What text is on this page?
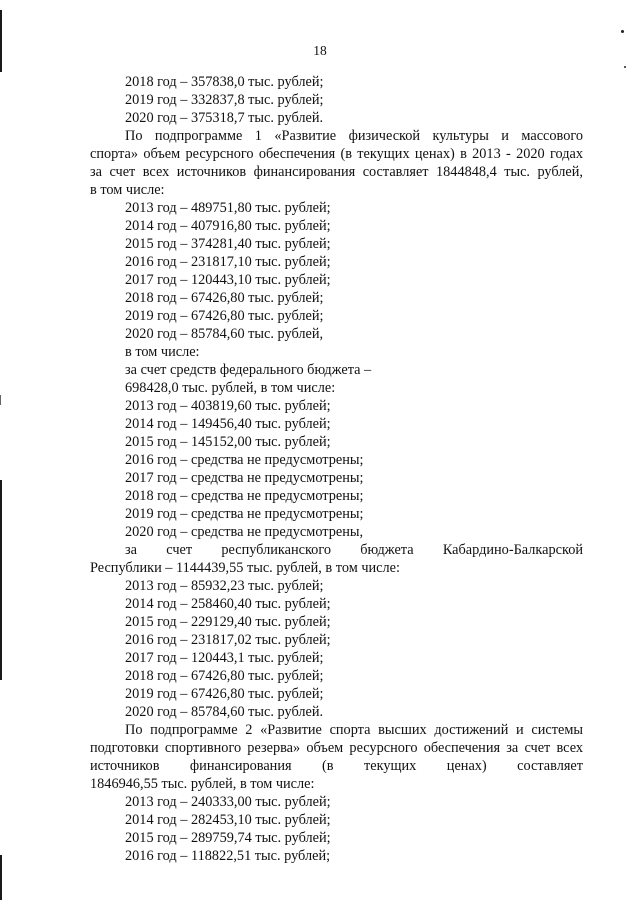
18
2018 год – 357838,0 тыс. рублей;
2019 год – 332837,8 тыс. рублей;
2020 год – 375318,7 тыс. рублей.
По подпрограмме 1 «Развитие физической культуры и массового
спорта» объем ресурсного обеспечения (в текущих ценах) в 2013 - 2020 годах
за счет всех источников финансирования составляет 1844848,4 тыс. рублей,
в том числе:
2013 год – 489751,80 тыс. рублей;
2014 год – 407916,80 тыс. рублей;
2015 год – 374281,40 тыс. рублей;
2016 год – 231817,10 тыс. рублей;
2017 год – 120443,10 тыс. рублей;
2018 год – 67426,80 тыс. рублей;
2019 год – 67426,80 тыс. рублей;
2020 год – 85784,60 тыс. рублей,
в том числе:
за счет средств федерального бюджета –
698428,0 тыс. рублей, в том числе:
2013 год – 403819,60 тыс. рублей;
2014 год – 149456,40 тыс. рублей;
2015 год – 145152,00 тыс. рублей;
2016 год – средства не предусмотрены;
2017 год – средства не предусмотрены;
2018 год – средства не предусмотрены;
2019 год – средства не предусмотрены;
2020 год – средства не предусмотрены,
за счет республиканского бюджета Кабардино-Балкарской
Республики – 1144439,55 тыс. рублей, в том числе:
2013 год – 85932,23 тыс. рублей;
2014 год – 258460,40 тыс. рублей;
2015 год – 229129,40 тыс. рублей;
2016 год – 231817,02 тыс. рублей;
2017 год – 120443,1 тыс. рублей;
2018 год – 67426,80 тыс. рублей;
2019 год – 67426,80 тыс. рублей;
2020 год – 85784,60 тыс. рублей.
По подпрограмме 2 «Развитие спорта высших достижений и системы
подготовки спортивного резерва» объем ресурсного обеспечения за счет всех
источников финансирования (в текущих ценах) составляет
1846946,55 тыс. рублей, в том числе:
2013 год – 240333,00 тыс. рублей;
2014 год – 282453,10 тыс. рублей;
2015 год – 289759,74 тыс. рублей;
2016 год – 118822,51 тыс. рублей;
